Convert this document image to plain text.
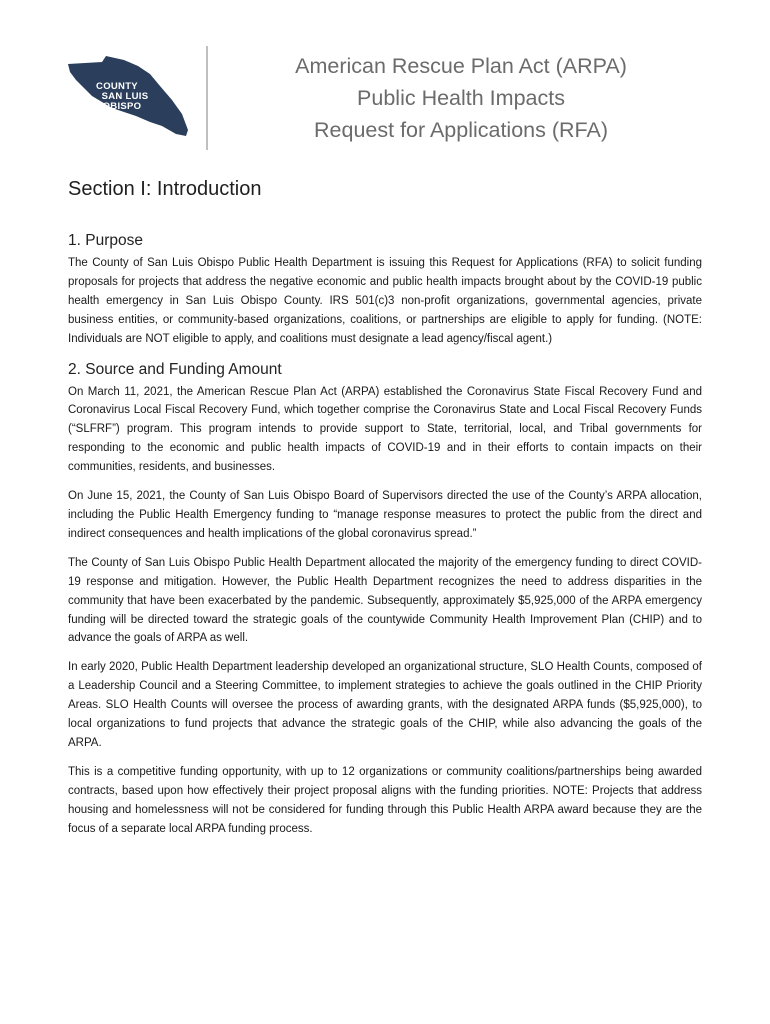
COUNTY
SAN LUIS
OBISPO
American Rescue Plan Act (ARPA)
Public Health Impacts
Request for Applications (RFA)
Section I: Introduction
1. Purpose

The County of San Luis Obispo Public Health Department is issuing this Request for Applications (RFA) to solicit funding proposals for projects that address the negative economic and public health impacts brought about by the COVID-19 public health emergency in San Luis Obispo County. IRS 501(c)3 non-profit organizations, governmental agencies, private business entities, or community-based organizations, coalitions, or partnerships are eligible to apply for funding. (NOTE: Individuals are NOT eligible to apply, and coalitions must designate a lead agency/fiscal agent.)

2. Source and Funding Amount

On March 11, 2021, the American Rescue Plan Act (ARPA) established the Coronavirus State Fiscal Recovery Fund and Coronavirus Local Fiscal Recovery Fund, which together comprise the Coronavirus State and Local Fiscal Recovery Funds (“SLFRF”) program. This program intends to provide support to State, territorial, local, and Tribal governments for responding to the economic and public health impacts of COVID-19 and in their efforts to contain impacts on their communities, residents, and businesses.

On June 15, 2021, the County of San Luis Obispo Board of Supervisors directed the use of the County’s ARPA allocation, including the Public Health Emergency funding to “manage response measures to protect the public from the direct and indirect consequences and health implications of the global coronavirus spread.”

The County of San Luis Obispo Public Health Department allocated the majority of the emergency funding to direct COVID-19 response and mitigation. However, the Public Health Department recognizes the need to address disparities in the community that have been exacerbated by the pandemic. Subsequently, approximately $5,925,000 of the ARPA emergency funding will be directed toward the strategic goals of the countywide Community Health Improvement Plan (CHIP) and to advance the goals of ARPA as well.

In early 2020, Public Health Department leadership developed an organizational structure, SLO Health Counts, composed of a Leadership Council and a Steering Committee, to implement strategies to achieve the goals outlined in the CHIP Priority Areas. SLO Health Counts will oversee the process of awarding grants, with the designated ARPA funds ($5,925,000), to local organizations to fund projects that advance the strategic goals of the CHIP, while also advancing the goals of the ARPA.

This is a competitive funding opportunity, with up to 12 organizations or community coalitions/partnerships being awarded contracts, based upon how effectively their project proposal aligns with the funding priorities. NOTE: Projects that address housing and homelessness will not be considered for funding through this Public Health ARPA award because they are the focus of a separate local ARPA funding process.
